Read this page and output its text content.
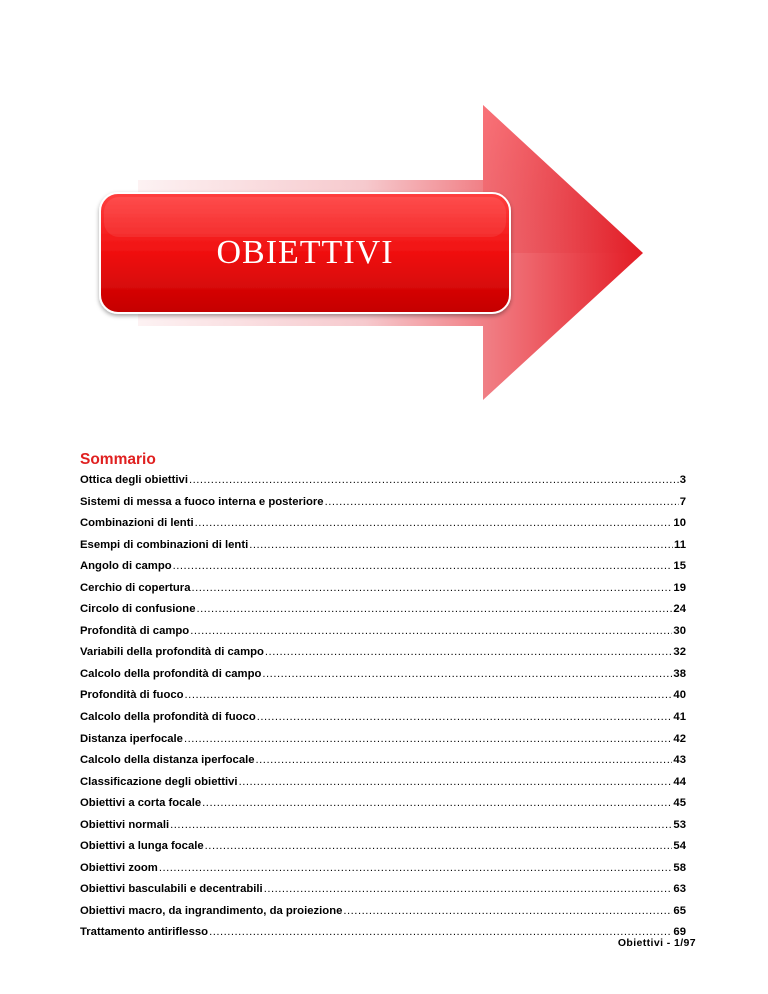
OBIETTIVI
Sommario
Ottica degli obiettivi .....	3
Sistemi di messa a fuoco interna e posteriore .....	7
Combinazioni di lenti .....	10
Esempi di combinazioni di lenti .....	11
Angolo di campo .....	15
Cerchio di copertura .....	19
Circolo di confusione .....	24
Profondità di campo .....	30
Variabili della profondità di campo .....	32
Calcolo della profondità di campo .....	38
Profondità di fuoco .....	40
Calcolo della profondità di fuoco .....	41
Distanza iperfocale .....	42
Calcolo della distanza iperfocale .....	43
Classificazione degli obiettivi .....	44
Obiettivi a corta focale .....	45
Obiettivi normali .....	53
Obiettivi a lunga focale .....	54
Obiettivi zoom .....	58
Obiettivi basculabili e decentrabili .....	63
Obiettivi macro, da ingrandimento, da proiezione .....	65
Trattamento antiriflesso .....	69
Obiettivi - 1/97
